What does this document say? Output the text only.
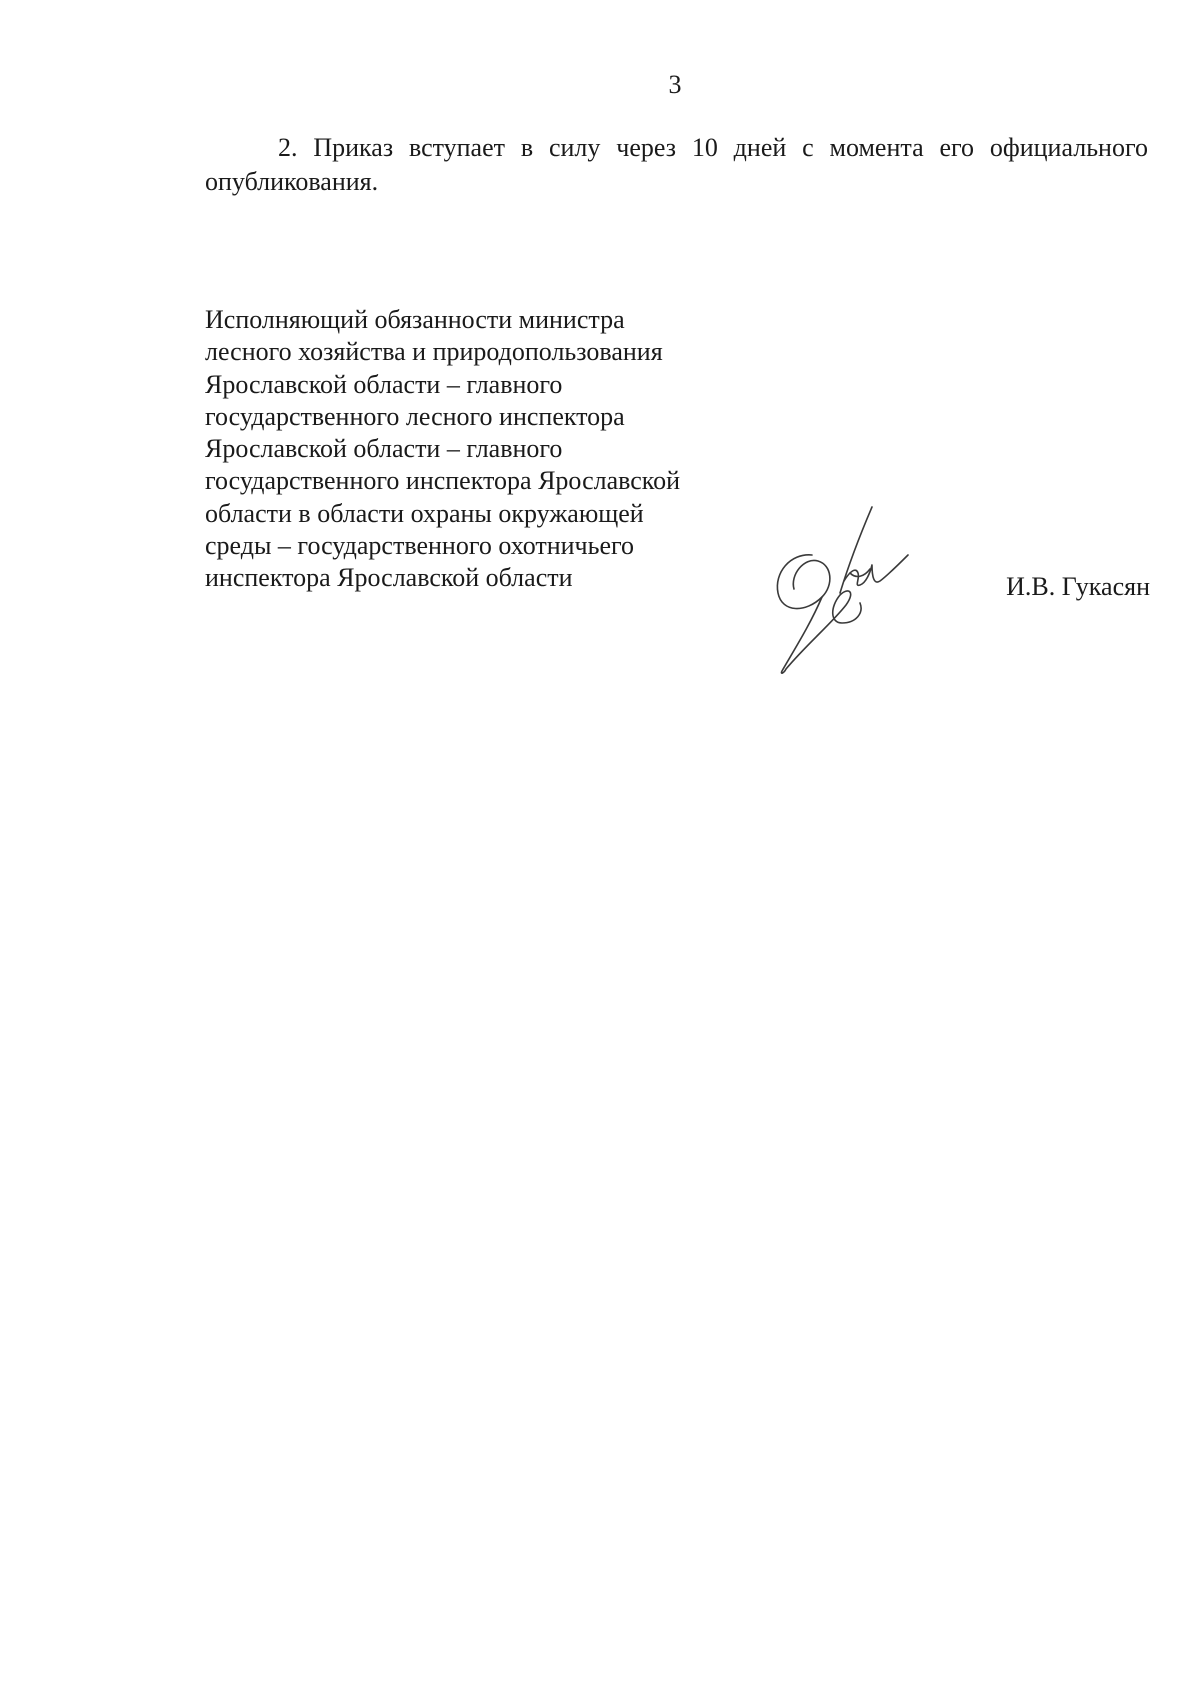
3

2. Приказ вступает в силу через 10 дней с момента его официального опубликования.

Исполняющий обязанности министра
лесного хозяйства и природопользования
Ярославской области – главного
государственного лесного инспектора
Ярославской области – главного
государственного инспектора Ярославской
области в области охраны окружающей
среды – государственного охотничьего
инспектора Ярославской области	И.В. Гукасян
